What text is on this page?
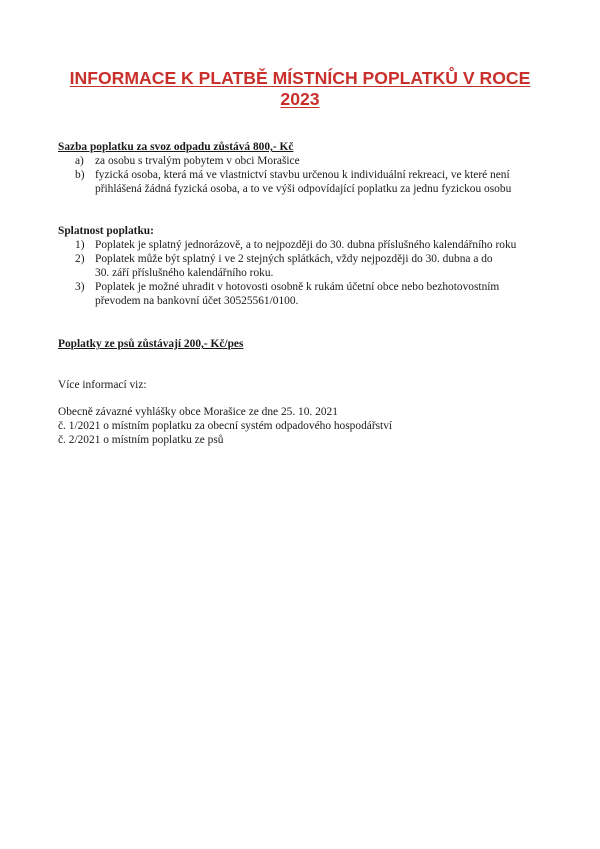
INFORMACE K PLATBĚ MÍSTNÍCH POPLATKŮ V ROCE
2023

Sazba poplatku za svoz odpadu zůstává 800,- Kč

a) za osobu s trvalým pobytem v obci Morašice
b) fyzická osoba, která má ve vlastnictví stavbu určenou k individuální rekreaci, ve které není
přihlášená žádná fyzická osoba, a to ve výši odpovídající poplatku za jednu fyzickou osobu

Splatnost poplatku:

1) Poplatek je splatný jednorázově, a to nejpozději do 30. dubna příslušného kalendářního roku
2) Poplatek může být splatný i ve 2 stejných splátkách, vždy nejpozději do 30. dubna a do
30. září příslušného kalendářního roku.
3) Poplatek je možné uhradit v hotovosti osobně k rukám účetní obce nebo bezhotovostním
převodem na bankovní účet 30525561/0100.

Poplatky ze psů zůstávají 200,- Kč/pes

Více informací viz:

Obecně závazné vyhlášky obce Morašice ze dne 25. 10. 2021

č. 1/2021 o místním poplatku za obecní systém odpadového hospodářství

č. 2/2021 o místním poplatku ze psů
